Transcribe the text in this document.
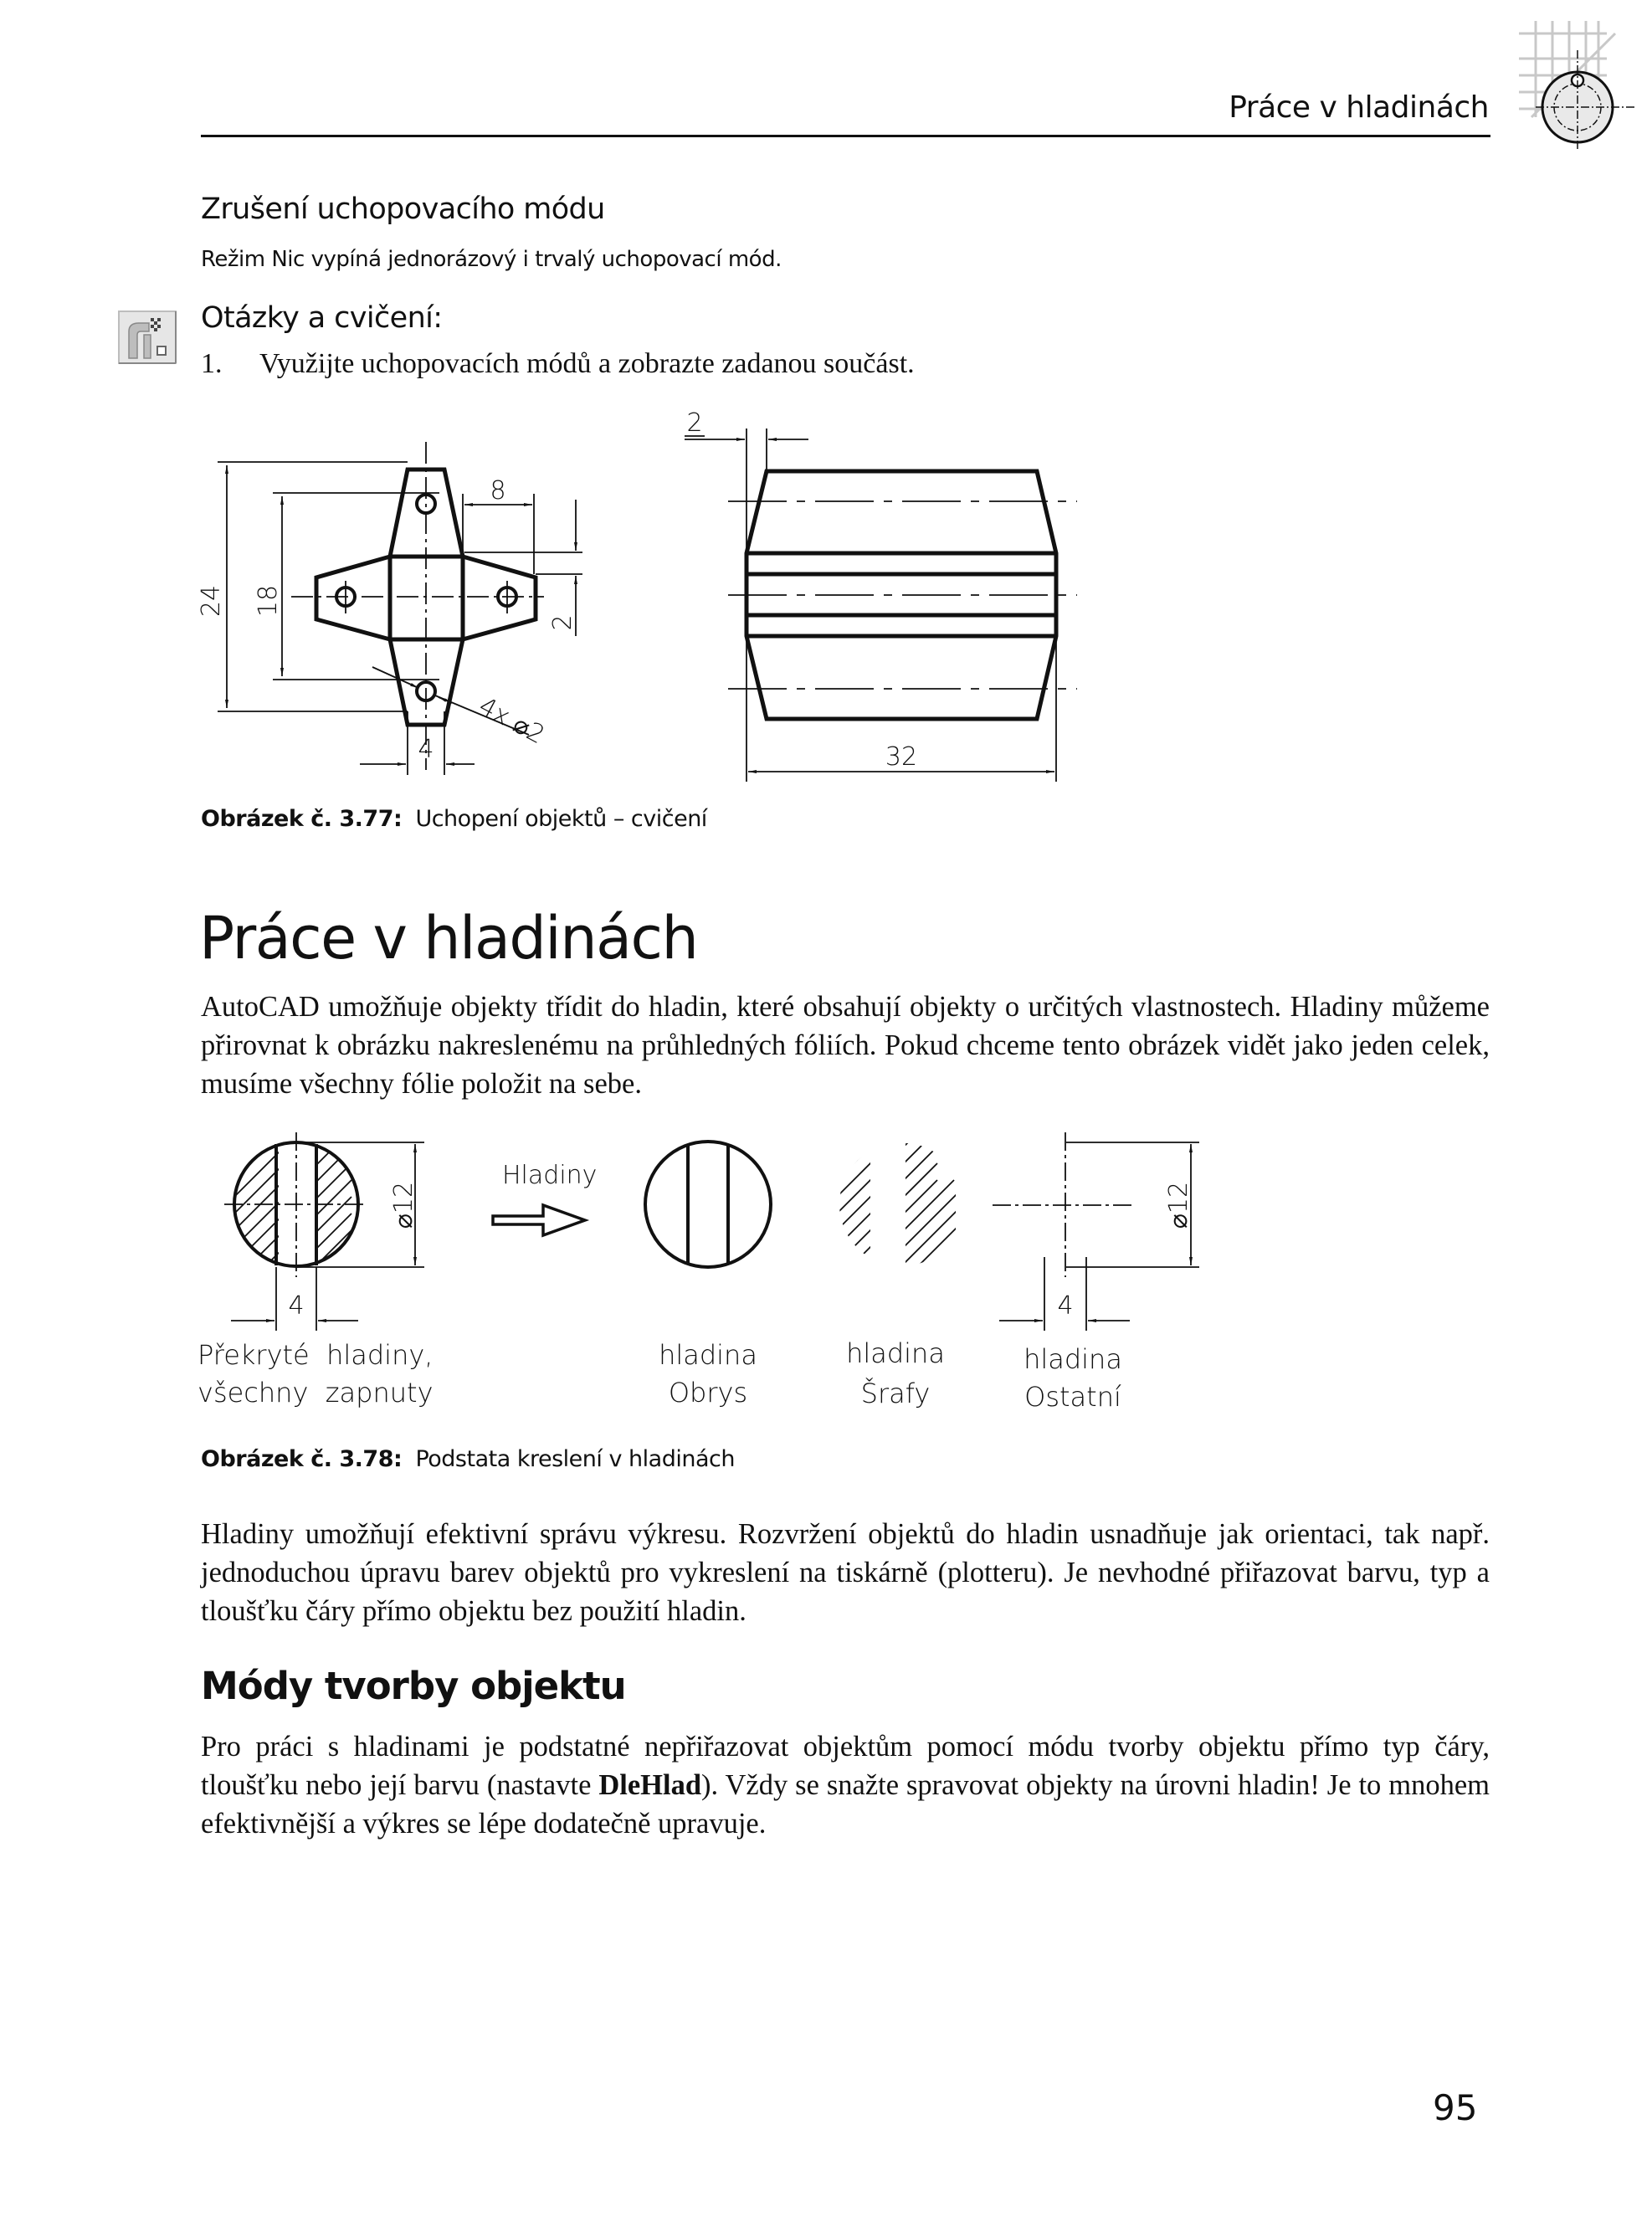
Práce v hladinách
Zrušení uchopovacího módu
Režim Nic vypíná jednorázový i trvalý uchopovací mód.
Otázky a cvičení:
1. Využijte uchopovacích módů a zobrazte zadanou součást.
24 18
8
2
4 4x ⌀2
2
32
Obrázek č. 3.77: Uchopení objektů – cvičení
Práce v hladinách
AutoCAD umožňuje objekty třídit do hladin, které obsahují objekty o určitých vlastnostech. Hladiny můžeme přirovnat k obrázku nakreslenému na průhledných fóliích. Pokud chceme tento obrázek vidět jako jeden celek, musíme všechny fólie položit na sebe.
⌀12
4
Hladiny
⌀12
4
Překryté  hladiny,
všechny  zapnuty
hladina
Obrys
hladina
Šrafy
hladina
Ostatní
Obrázek č. 3.78: Podstata kreslení v hladinách
Hladiny umožňují efektivní správu výkresu. Rozvržení objektů do hladin usnadňuje jak orientaci, tak např. jednoduchou úpravu barev objektů pro vykreslení na tiskárně (plotteru). Je nevhodné přiřazovat barvu, typ a tloušťku čáry přímo objektu bez použití hladin.
Módy tvorby objektu
Pro práci s hladinami je podstatné nepřiřazovat objektům pomocí módu tvorby objektu přímo typ čáry, tloušťku nebo její barvu (nastavte DleHlad). Vždy se snažte spravovat objekty na úrovni hladin! Je to mnohem efektivnější a výkres se lépe dodatečně upravuje.
95
